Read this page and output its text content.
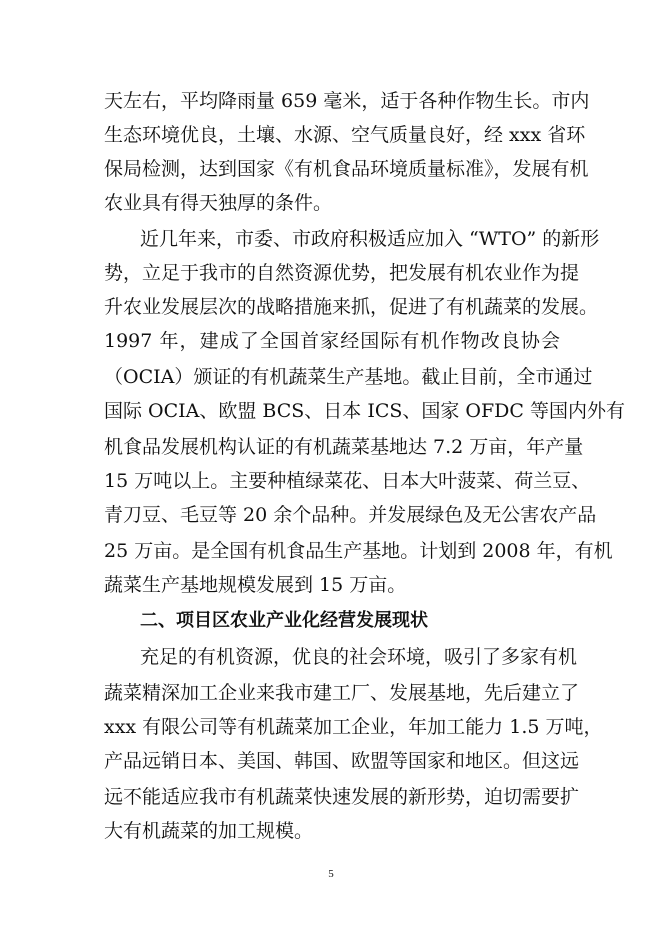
天左右，平均降雨量 659 毫米，适于各种作物生长。市内
生态环境优良，土壤、水源、空气质量良好，经 xxx 省环
保局检测，达到国家《有机食品环境质量标准》，发展有机
农业具有得天独厚的条件。
近几年来，市委、市政府积极适应加入 “WTO” 的新形
势，立足于我市的自然资源优势，把发展有机农业作为提
升农业发展层次的战略措施来抓，促进了有机蔬菜的发展。
1997 年，建成了全国首家经国际有机作物改良协会
（OCIA）颁证的有机蔬菜生产基地。截止目前，全市通过
国际 OCIA、欧盟 BCS、日本 ICS、国家 OFDC 等国内外有
机食品发展机构认证的有机蔬菜基地达 7.2 万亩，年产量
15 万吨以上。主要种植绿菜花、日本大叶菠菜、荷兰豆、
青刀豆、毛豆等 20 余个品种。并发展绿色及无公害农产品
25 万亩。是全国有机食品生产基地。计划到 2008 年，有机
蔬菜生产基地规模发展到 15 万亩。
二、项目区农业产业化经营发展现状
充足的有机资源，优良的社会环境，吸引了多家有机
蔬菜精深加工企业来我市建工厂、发展基地，先后建立了
xxx 有限公司等有机蔬菜加工企业，年加工能力 1.5 万吨，
产品远销日本、美国、韩国、欧盟等国家和地区。但这远
远不能适应我市有机蔬菜快速发展的新形势，迫切需要扩
大有机蔬菜的加工规模。
5
